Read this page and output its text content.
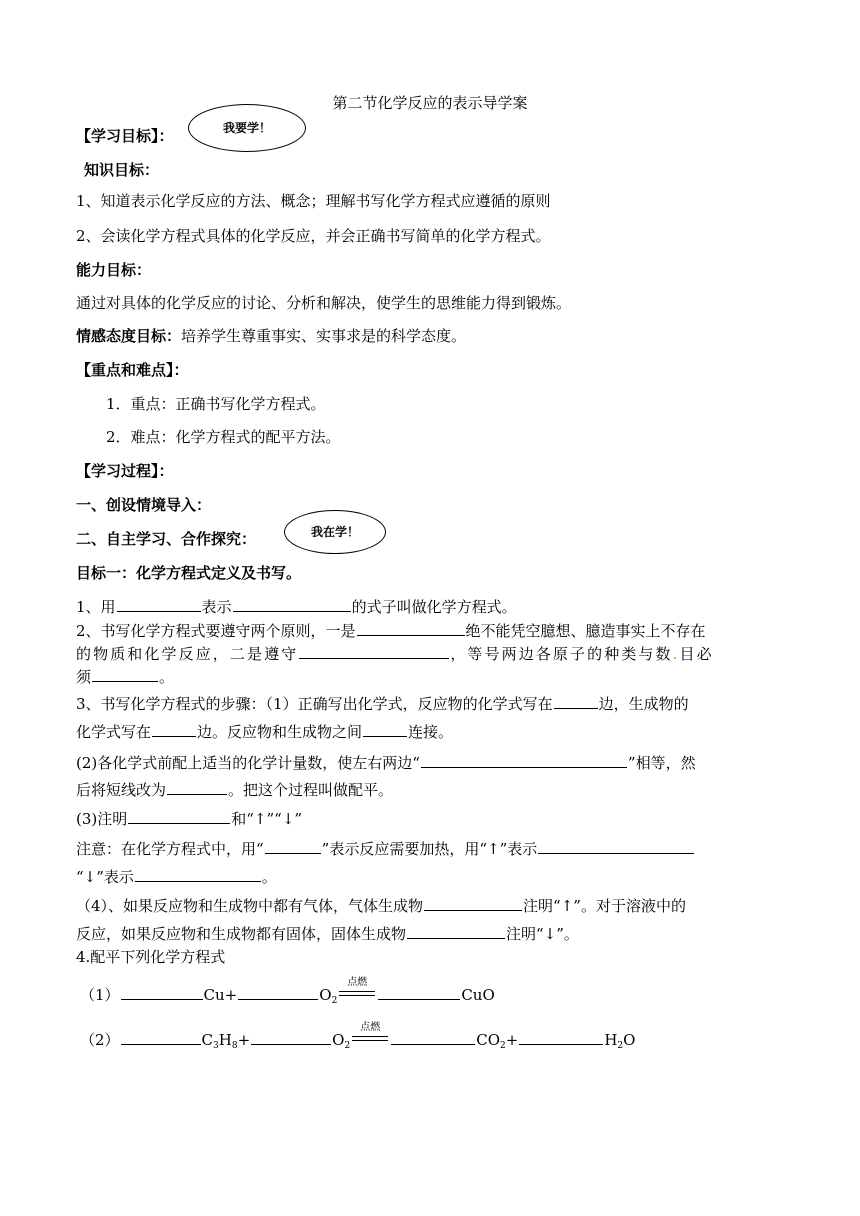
第二节化学反应的表示导学案
【学习目标】：	我要学！
知识目标：
1、知道表示化学反应的方法、概念；理解书写化学方程式应遵循的原则
2、会读化学方程式具体的化学反应，并会正确书写简单的化学方程式。
能力目标：
通过对具体的化学反应的讨论、分析和解决，使学生的思维能力得到锻炼。
情感态度目标：培养学生尊重事实、实事求是的科学态度。
【重点和难点】：
1．重点：正确书写化学方程式。
2．难点：化学方程式的配平方法。
【学习过程】：
一、创设情境导入：
二、自主学习、合作探究：	我在学！
目标一：化学方程式定义及书写。
1、用	表示	的式子叫做化学方程式。
2、书写化学方程式要遵守两个原则，一是	绝不能凭空臆想、臆造事实上不存在
的物质和化学反应，二是遵守	，等号两边各原子的种类与数.目必
须	。
3、书写化学方程式的步骤：（1）正确写出化学式，反应物的化学式写在	边，生成物的
化学式写在	边。反应物和生成物之间	连接。
(2)各化学式前配上适当的化学计量数，使左右两边“	”相等，然
后将短线改为	。把这个过程叫做配平。
(3)注明	和“↑”“↓”
注意：在化学方程式中，用“	”表示反应需要加热，用“↑”表示
“↓”表示	。
（4）、如果反应物和生成物中都有气体，气体生成物	注明“↑”。对于溶液中的
反应，如果反应物和生成物都有固体，固体生成物	注明“↓”。
4.配平下列化学方程式
（1）	Cu+	$O_2$
点燃
CuO
（2）	$C_3H_8+$	$O_2$
点燃
$CO_2+$	$H_2O$
